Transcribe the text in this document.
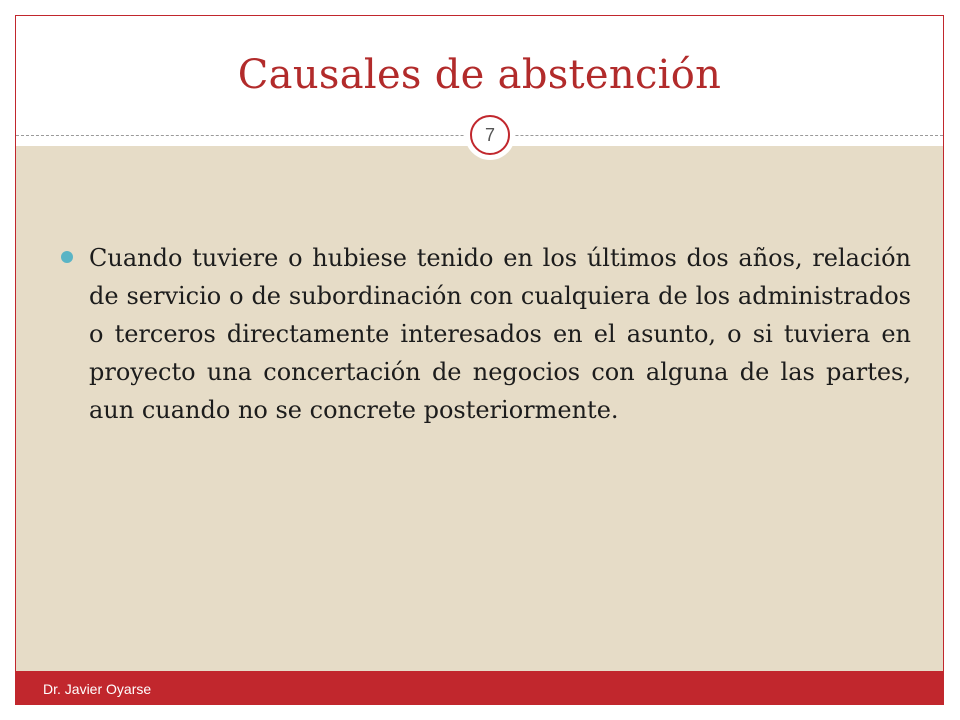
Causales de abstención

Cuando tuviere o hubiese tenido en los últimos dos años, relación de servicio o de subordinación con cualquiera de los administrados o terceros directamente interesados en el asunto, o si tuviera en proyecto una concertación de negocios con alguna de las partes, aun cuando no se concrete posteriormente.

7
Dr. Javier Oyarse
